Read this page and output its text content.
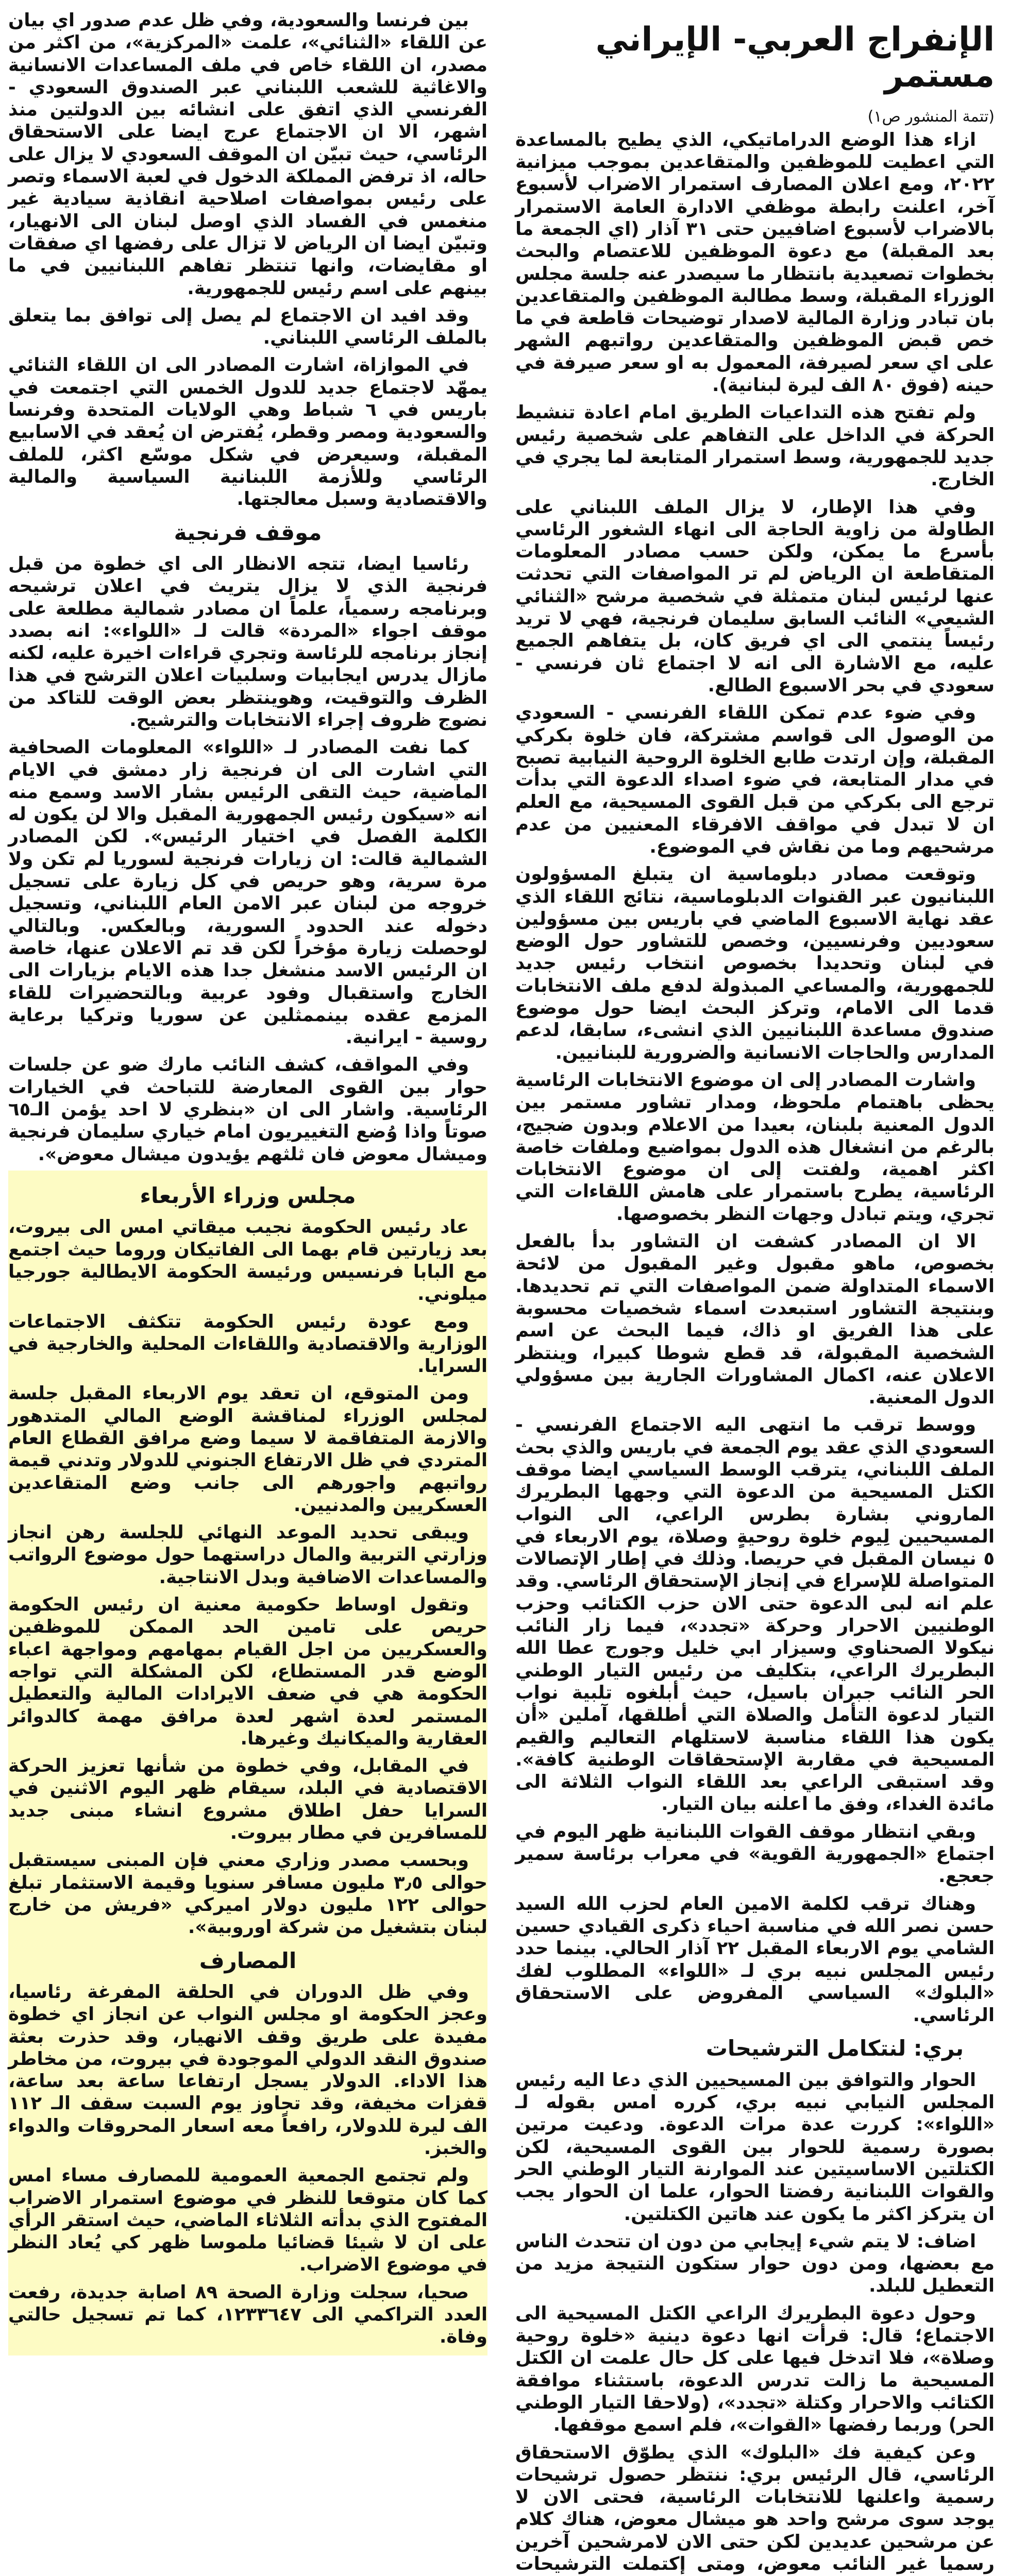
الإنفراج العربي- الإيراني مستمر
(تتمة المنشور ص١)

ازاء هذا الوضع الدراماتيكي، الذي يطيح بالمساعدة التي اعطيت للموظفين والمتقاعدين بموجب ميزانية ٢٠٢٢، ومع اعلان المصارف استمرار الاضراب لأسبوع آخر، اعلنت رابطة موظفي الادارة العامة الاستمرار بالاضراب لأسبوع اضافيين حتى ٣١ آذار (اي الجمعة ما بعد المقبلة) مع دعوة الموظفين للاعتصام والبحث بخطوات تصعيدية بانتظار ما سيصدر عنه جلسة مجلس الوزراء المقبلة، وسط مطالبة الموظفين والمتقاعدين بان تبادر وزارة المالية لاصدار توضيحات قاطعة في ما خص قبض الموظفين والمتقاعدين رواتبهم الشهر على اي سعر لصيرفة، المعمول به او سعر صيرفة في حينه (فوق ٨٠ الف ليرة لبنانية).

ولم تفتح هذه التداعيات الطريق امام اعادة تنشيط الحركة في الداخل على التفاهم على شخصية رئيس جديد للجمهورية، وسط استمرار المتابعة لما يجري في الخارج.

وفي هذا الإطار، لا يزال الملف اللبناني على الطاولة من زاوية الحاجة الى انهاء الشغور الرئاسي بأسرع ما يمكن، ولكن حسب مصادر المعلومات المتقاطعة ان الرياض لم تر المواصفات التي تحدثت عنها لرئيس لبنان متمثلة في شخصية مرشح «الثنائي الشيعي» النائب السابق سليمان فرنجية، فهي لا تريد رئيساً ينتمي الى اي فريق كان، بل يتفاهم الجميع عليه، مع الاشارة الى انه لا اجتماع ثان فرنسي - سعودي في بحر الاسبوع الطالع.

وفي ضوء عدم تمكن اللقاء الفرنسي - السعودي من الوصول الى قواسم مشتركة، فان خلوة بكركي المقبلة، وإن ارتدت طابع الخلوة الروحية النيابية تصبح في مدار المتابعة، في ضوء اصداء الدعوة التي بدأت ترجع الى بكركي من قبل القوى المسيحية، مع العلم ان لا تبدل في مواقف الافرقاء المعنيين من عدم مرشحيهم وما من نقاش في الموضوع.

وتوقعت مصادر دبلوماسية ان يتبلغ المسؤولون اللبنانيون عبر القنوات الدبلوماسية، نتائج اللقاء الذي عقد نهاية الاسبوع الماضي في باريس بين مسؤولين سعوديين وفرنسيين، وخصص للتشاور حول الوضع في لبنان وتحديدا بخصوص انتخاب رئيس جديد للجمهورية، والمساعي المبذولة لدفع ملف الانتخابات قدما الى الامام، وتركز البحث ايضا حول موضوع صندوق مساعدة اللبنانيين الذي انشىء، سابقا، لدعم المدارس والحاجات الانسانية والضرورية للبنانيين.

واشارت المصادر إلى ان موضوع الانتخابات الرئاسية يحظى باهتمام ملحوظ، ومدار تشاور مستمر بين الدول المعنية بلبنان، بعيدا من الاعلام وبدون ضجيج، بالرغم من انشغال هذه الدول بمواضيع وملفات خاصة اكثر اهمية، ولفتت إلى ان موضوع الانتخابات الرئاسية، يطرح باستمرار على هامش اللقاءات التي تجري، ويتم تبادل وجهات النظر بخصوصها.

الا ان المصادر كشفت ان التشاور بدأ بالفعل بخصوص، ماهو مقبول وغير المقبول من لائحة الاسماء المتداولة ضمن المواصفات التي تم تحديدها. وبنتيجة التشاور استبعدت اسماء شخصيات محسوبة على هذا الفريق او ذاك، فيما البحث عن اسم الشخصية المقبولة، قد قطع شوطا كبيرا، وينتظر الاعلان عنه، اكمال المشاورات الجارية بين مسؤولي الدول المعنية.

ووسط ترقب ما انتهى اليه الاجتماع الفرنسي - السعودي الذي عقد يوم الجمعة في باريس والذي بحث الملف اللبناني، يترقب الوسط السياسي ايضا موقف الكتل المسيحية من الدعوة التي وجهها البطريرك الماروني بشارة بطرس الراعي، الى النواب المسيحيين لِيوم خلوة روحيةٍ وصلاة، يوم الاربعاء في ٥ نيسان المقبل في حريصا. وذلك في إطار الإتصالات المتواصلة للإسراع في إنجاز الإستحقاق الرئاسي. وقد علم انه لبى الدعوة حتى الان حزب الكتائب وحزب الوطنيين الاحرار وحركة «تجدد»، فيما زار النائب نيكولا الصحناوي وسيزار ابي خليل وجورج عطا الله البطريرك الراعي، بتكليف من رئيس التيار الوطني الحر النائب جبران باسيل، حيث أبلغوه تلبية نواب التيار لدعوة التأمل والصلاة التي أطلقها، آملين «أن يكون هذا اللقاء مناسبة لاستلهام التعاليم والقيم المسيحية في مقاربة الإستحقاقات الوطنية كافة». وقد استبقى الراعي بعد اللقاء النواب الثلاثة الى مائدة الغداء، وفق ما اعلنه بيان التيار.

وبقي انتظار موقف القوات اللبنانية ظهر اليوم في اجتماع «الجمهورية القوية» في معراب برئاسة سمير جعجع.

وهناك ترقب لكلمة الامين العام لحزب الله السيد حسن نصر الله في مناسبة احياء ذكرى القيادي حسين الشامي يوم الاربعاء المقبل ٢٢ آذار الحالي. بينما حدد رئيس المجلس نبيه بري لـ «اللواء» المطلوب لفك «البلوك» السياسي المفروض على الاستحقاق الرئاسي.

بري: لنتكامل الترشيحات

الحوار والتوافق بين المسيحيين الذي دعا اليه رئيس المجلس النيابي نبيه بري، كرره امس بقوله لـ «اللواء»: كررت عدة مرات الدعوة. ودعيت مرتين بصورة رسمية للحوار بين القوى المسيحية، لكن الكتلتين الاساسيتين عند الموارنة التيار الوطني الحر والقوات اللبنانية رفضتا الحوار، علما ان الحوار يجب ان يتركز اكثر ما يكون عند هاتين الكتلتين.

اضاف: لا يتم شيء إيجابي من دون ان تتحدث الناس مع بعضها، ومن دون حوار ستكون النتيجة مزيد من التعطيل للبلد.

وحول دعوة البطريرك الراعي الكتل المسيحية الى الاجتماع؛ قال: قرأت انها دعوة دينية «خلوة روحية وصلاة»، فلا اتدخل فيها على كل حال علمت ان الكتل المسيحية ما زالت تدرس الدعوة، باستثناء موافقة الكتائب والاحرار وكتلة «تجدد»، (ولاحقا التيار الوطني الحر) وربما رفضها «القوات»، فلم اسمع موقفها.

وعن كيفية فك «البلوك» الذي يطوّق الاستحقاق الرئاسي، قال الرئيس بري: ننتظر حصول ترشيحات رسمية واعلنها للانتخابات الرئاسية، فحتى الان لا يوجد سوى مرشح واحد هو ميشال معوض، هناك كلام عن مرشحين عديدين لكن حتى الان لامرشحين آخرين رسميا غير النائب معوض، ومتى إكتملت الترشيحات

بين فرنسا والسعودية، وفي ظل عدم صدور اي بيان عن اللقاء «الثنائي»، علمت «المركزية»، من اكثر من مصدر، ان اللقاء خاص في ملف المساعدات الانسانية والاغاثية للشعب اللبناني عبر الصندوق السعودي - الفرنسي الذي اتفق على انشائه بين الدولتين منذ اشهر، الا ان الاجتماع عرج ايضا على الاستحقاق الرئاسي، حيث تبيّن ان الموقف السعودي لا يزال على حاله، اذ ترفض المملكة الدخول في لعبة الاسماء وتصر على رئيس بمواصفات اصلاحية انقاذية سيادية غير منغمس في الفساد الذي اوصل لبنان الى الانهيار، وتبيّن ايضا ان الرياض لا تزال على رفضها اي صفقات او مقايضات، وانها تنتظر تفاهم اللبنانيين في ما بينهم على اسم رئيس للجمهورية.

وقد افيد ان الاجتماع لم يصل إلى توافق بما يتعلق بالملف الرئاسي اللبناني.

في الموازاة، اشارت المصادر الى ان اللقاء الثنائي يمهّد لاجتماع جديد للدول الخمس التي اجتمعت في باريس في ٦ شباط وهي الولايات المتحدة وفرنسا والسعودية ومصر وقطر، يُفترض ان يُعقد في الاسابيع المقبلة، وسيعرض في شكل موسّع اكثر، للملف الرئاسي وللأزمة اللبنانية السياسية والمالية والاقتصادية وسبل معالجتها.

موقف فرنجية

رئاسيا ايضا، تتجه الانظار الى اي خطوة من قبل فرنجية الذي لا يزال يتريث في اعلان ترشيحه وبرنامجه رسمياً، علماً ان مصادر شمالية مطلعة على موقف اجواء «المردة» قالت لـ «اللواء»: انه بصدد إنجاز برنامجه للرئاسة وتجري قراءات اخيرة عليه، لكنه مازال يدرس ايجابيات وسلبيات اعلان الترشح في هذا الظرف والتوقيت، وهوينتظر بعض الوقت للتاكد من نضوج ظروف إجراء الانتخابات والترشيح.

كما نفت المصادر لـ «اللواء» المعلومات الصحافية التي اشارت الى ان فرنجية زار دمشق في الايام الماضية، حيث التقى الرئيس بشار الاسد وسمع منه انه «سيكون رئيس الجمهورية المقبل والا لن يكون له الكلمة الفصل في اختيار الرئيس». لكن المصادر الشمالية قالت: ان زيارات فرنجية لسوريا لم تكن ولا مرة سرية، وهو حريص في كل زيارة على تسجيل خروجه من لبنان عبر الامن العام اللبناني، وتسجيل دخوله عند الحدود السورية، وبالعكس. وبالتالي لوحصلت زيارة مؤخراً لكن قد تم الاعلان عنها، خاصة ان الرئيس الاسد منشغل جدا هذه الايام بزيارات الى الخارج واستقبال وفود عربية وبالتحضيرات للقاء المزمع عقده بينممثلين عن سوريا وتركيا برعاية روسية - ايرانية.

وفي المواقف، كشف النائب مارك ضو عن جلسات حوار بين القوى المعارضة للتباحث في الخيارات الرئاسية. واشار الى ان «بنظري لا احد يؤمن الـ٦٥ صوتاً واذا وُضع التغييريون امام خياري سليمان فرنجية وميشال معوض فان ثلثهم يؤيدون ميشال معوض».

مجلس وزراء الأربعاء

عاد رئيس الحكومة نجيب ميقاتي امس الى بيروت، بعد زيارتين قام بهما الى الفاتيكان وروما حيث اجتمع مع البابا فرنسيس ورئيسة الحكومة الايطالية جورجيا ميلوني.

ومع عودة رئيس الحكومة تتكثف الاجتماعات الوزارية والاقتصادية واللقاءات المحلية والخارجية في السرايا.

ومن المتوقع، ان تعقد يوم الاربعاء المقبل جلسة لمجلس الوزراء لمناقشة الوضع المالي المتدهور والازمة المتفاقمة لا سيما وضع مرافق القطاع العام المتردي في ظل الارتفاع الجنوني للدولار وتدني قيمة رواتبهم واجورهم الى جانب وضع المتقاعدين العسكريين والمدنيين.

ويبقى تحديد الموعد النهائي للجلسة رهن انجاز وزارتي التربية والمال دراستهما حول موضوع الرواتب والمساعدات الاضافية وبدل الانتاجية.

وتقول اوساط حكومية معنية ان رئيس الحكومة حريص على تامين الحد الممكن للموظفين والعسكريين من اجل القيام بمهامهم ومواجهة اعباء الوضع قدر المستطاع، لكن المشكلة التي تواجه الحكومة هي في ضعف الايرادات المالية والتعطيل المستمر لعدة اشهر لعدة مرافق مهمة كالدوائر العقارية والميكانيك وغيرها.

في المقابل، وفي خطوة من شأنها تعزيز الحركة الاقتصادية في البلد، سيقام ظهر اليوم الاثنين في السرايا حفل اطلاق مشروع انشاء مبنى جديد للمسافرين في مطار بيروت.

وبحسب مصدر وزاري معني فإن المبنى سيستقبل حوالى ٣٫٥ مليون مسافر سنويا وقيمة الاستثمار تبلغ حوالى ١٢٢ مليون دولار اميركي «فريش من خارج لبنان بتشغيل من شركة اوروبية».

المصارف

وفي ظل الدوران في الحلقة المفرغة رئاسيا، وعجز الحكومة او مجلس النواب عن انجاز اي خطوة مفيدة على طريق وقف الانهيار، وقد حذرت بعثة صندوق النقد الدولي الموجودة في بيروت، من مخاطر هذا الاداء. الدولار يسجل ارتفاعا ساعة بعد ساعة، قفزات مخيفة، وقد تجاوز يوم السبت سقف الـ ١١٢ الف ليرة للدولار، رافعاً معه اسعار المحروقات والدواء والخبز.

ولم تجتمع الجمعية العمومية للمصارف مساء امس كما كان متوقعا للنظر في موضوع استمرار الاضراب المفتوح الذي بدأته الثلاثاء الماضي، حيث استقر الرأي على ان لا شيئا قضائيا ملموسا ظهر كي يُعاد النظر في موضوع الاضراب.

صحيا، سجلت وزارة الصحة ٨٩ اصابة جديدة، رفعت العدد التراكمي الى ١٢٣٣٦٤٧، كما تم تسجيل حالتي وفاة.
